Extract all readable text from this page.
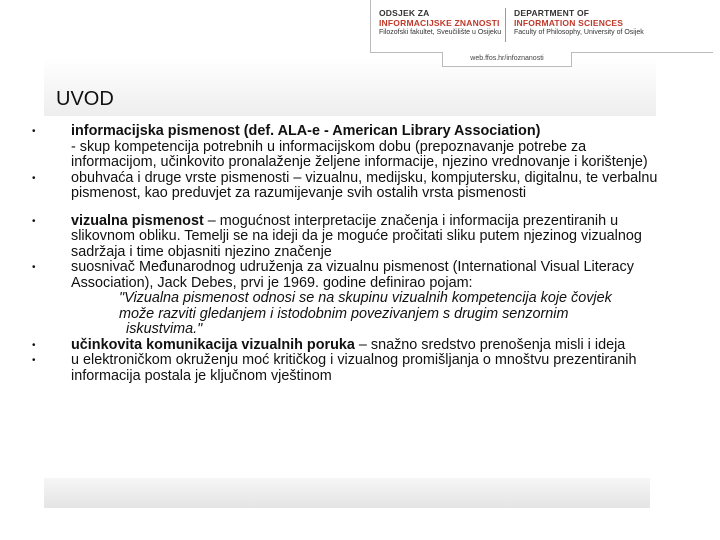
ODSJEK ZA
INFORMACIJSKE ZNANOSTI
Filozofski fakultet, Sveučilište u Osijeku
DEPARTMENT OF
INFORMATION SCIENCES
Faculty of Philosophy, University of Osijek
web.ffos.hr/infoznanosti
UVOD
• informacijska pismenost (def. ALA-e - American Library Association)
- skup kompetencija potrebnih u informacijskom dobu (prepoznavanje potrebe za informacijom, učinkovito pronalaženje željene informacije, njezino vrednovanje i korištenje)
• obuhvaća i druge vrste pismenosti – vizualnu, medijsku, kompjutersku, digitalnu, te verbalnu pismenost, kao preduvjet za razumijevanje svih ostalih vrsta pismenosti
• vizualna pismenost – mogućnost interpretacije značenja i informacija prezentiranih u slikovnom obliku. Temelji se na ideji da je moguće pročitati sliku putem njezinog vizualnog sadržaja i time objasniti njezino značenje
• suosnivač Međunarodnog udruženja za vizualnu pismenost (International Visual Literacy Association), Jack Debes, prvi je 1969. godine definirao pojam:
"Vizualna pismenost odnosi se na skupinu vizualnih kompetencija koje čovjek
može razviti gledanjem i istodobnim povezivanjem s drugim senzornim
iskustvima."
• učinkovita komunikacija vizualnih poruka – snažno sredstvo prenošenja misli i ideja
• u elektroničkom okruženju moć kritičkog i vizualnog promišljanja o mnoštvu prezentiranih informacija postala je ključnom vještinom
